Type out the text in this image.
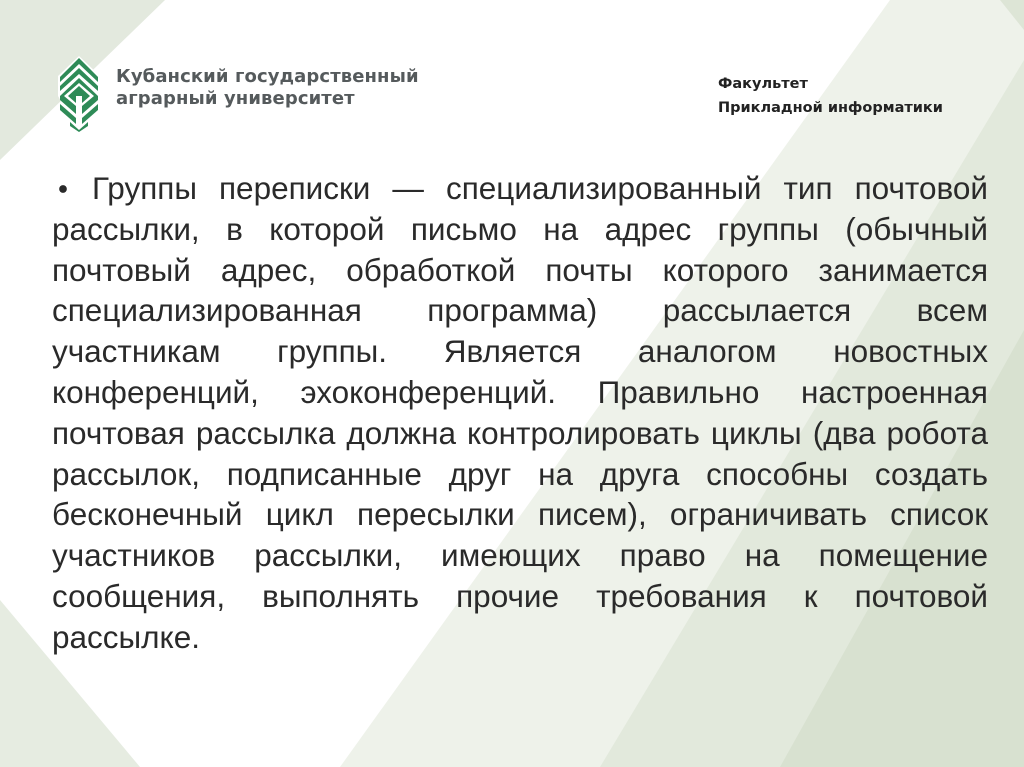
Кубанский государственный
аграрный университет
Факультет
Прикладной информатики
Группы переписки — специализированный тип почтовой рассылки, в которой письмо на адрес группы (обычный почтовый адрес, обработкой почты которого занимается специализированная программа) рассылается всем участникам группы. Является аналогом новостных конференций, эхоконференций. Правильно настроенная почтовая рассылка должна контролировать циклы (два робота рассылок, подписанные друг на друга способны создать бесконечный цикл пересылки писем), ограничивать список участников рассылки, имеющих право на помещение сообщения, выполнять прочие требования к почтовой рассылке.
